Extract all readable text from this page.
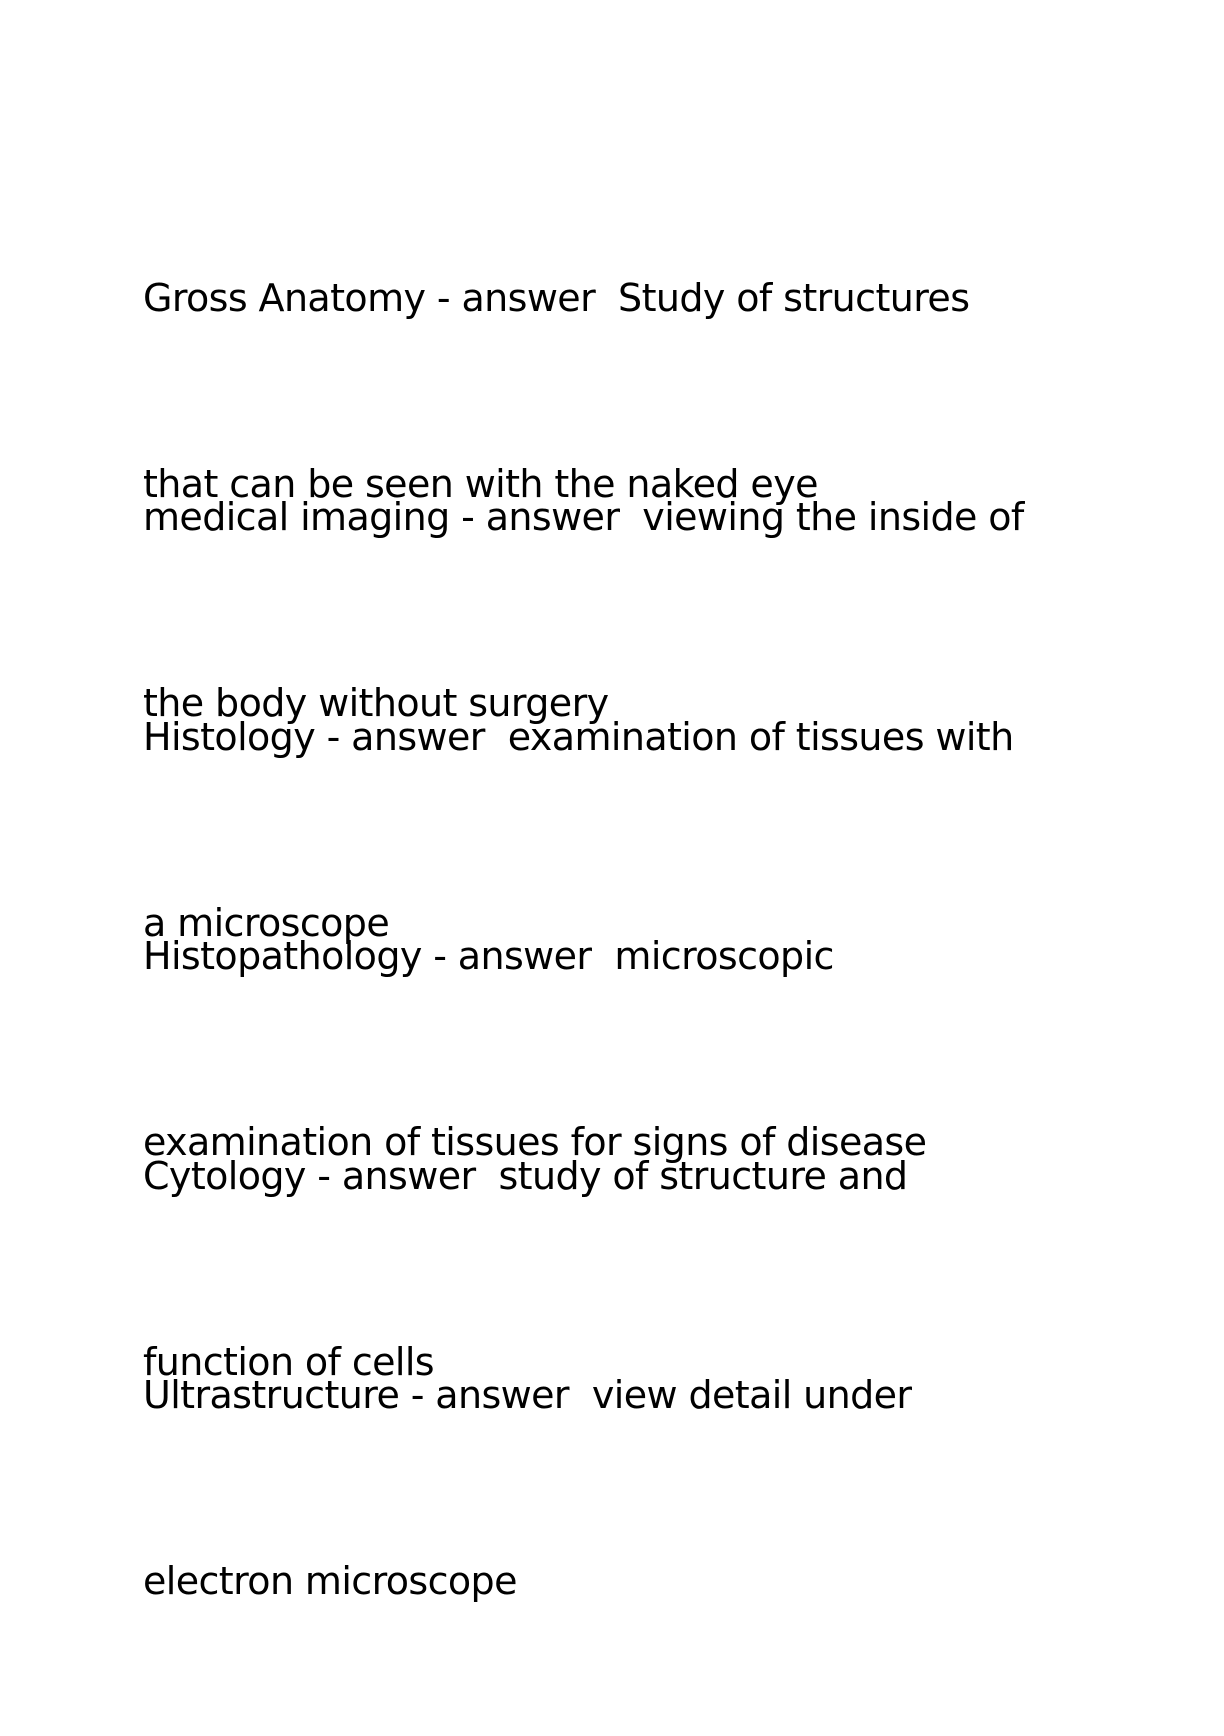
Gross Anatomy - answer  Study of structures

that can be seen with the naked eye

medical imaging - answer  viewing the inside of

the body without surgery

Histology - answer  examination of tissues with

a microscope

Histopathology - answer  microscopic

examination of tissues for signs of disease

Cytology - answer  study of structure and

function of cells

Ultrastructure - answer  view detail under

electron microscope
